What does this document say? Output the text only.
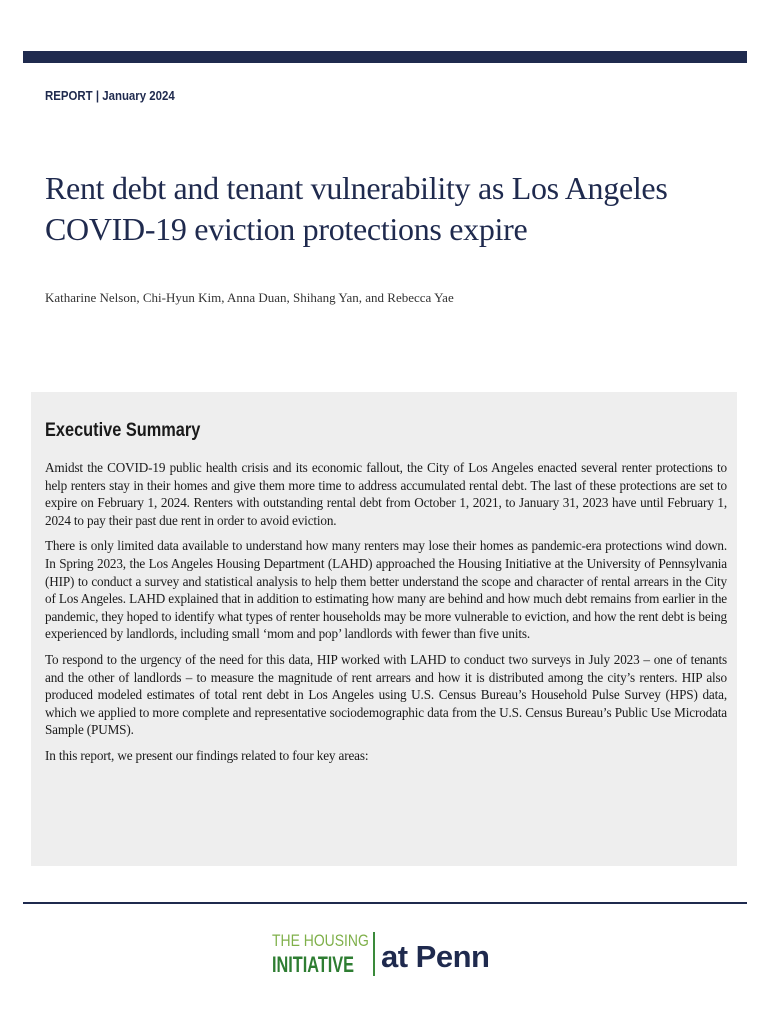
REPORT | January 2024
Rent debt and tenant vulnerability as Los Angeles
COVID-19 eviction protections expire
Katharine Nelson, Chi-Hyun Kim, Anna Duan, Shihang Yan, and Rebecca Yae
Executive Summary

Amidst the COVID-19 public health crisis and its economic fallout, the City of Los Angeles enacted several renter protections to help renters stay in their homes and give them more time to address accumulated rental debt. The last of these protections are set to expire on February 1, 2024. Renters with outstanding rental debt from October 1, 2021, to January 31, 2023 have until February 1, 2024 to pay their past due rent in order to avoid eviction.

There is only limited data available to understand how many renters may lose their homes as pandemic-era protections wind down. In Spring 2023, the Los Angeles Housing Department (LAHD) approached the Housing Initiative at the University of Pennsylvania (HIP) to conduct a survey and statistical analysis to help them better understand the scope and character of rental arrears in the City of Los Angeles. LAHD explained that in addition to estimating how many are behind and how much debt remains from earlier in the pandemic, they hoped to identify what types of renter households may be more vulnerable to eviction, and how the rent debt is being experienced by landlords, including small ‘mom and pop’ landlords with fewer than five units.

To respond to the urgency of the need for this data, HIP worked with LAHD to conduct two surveys in July 2023 – one of tenants and the other of landlords – to measure the magnitude of rent arrears and how it is distributed among the city’s renters. HIP also produced modeled estimates of total rent debt in Los Angeles using U.S. Census Bureau’s Household Pulse Survey (HPS) data, which we applied to more complete and representative sociodemographic data from the U.S. Census Bureau’s Public Use Microdata Sample (PUMS).

In this report, we present our findings related to four key areas:

THE HOUSING
INITIATIVE at Penn
